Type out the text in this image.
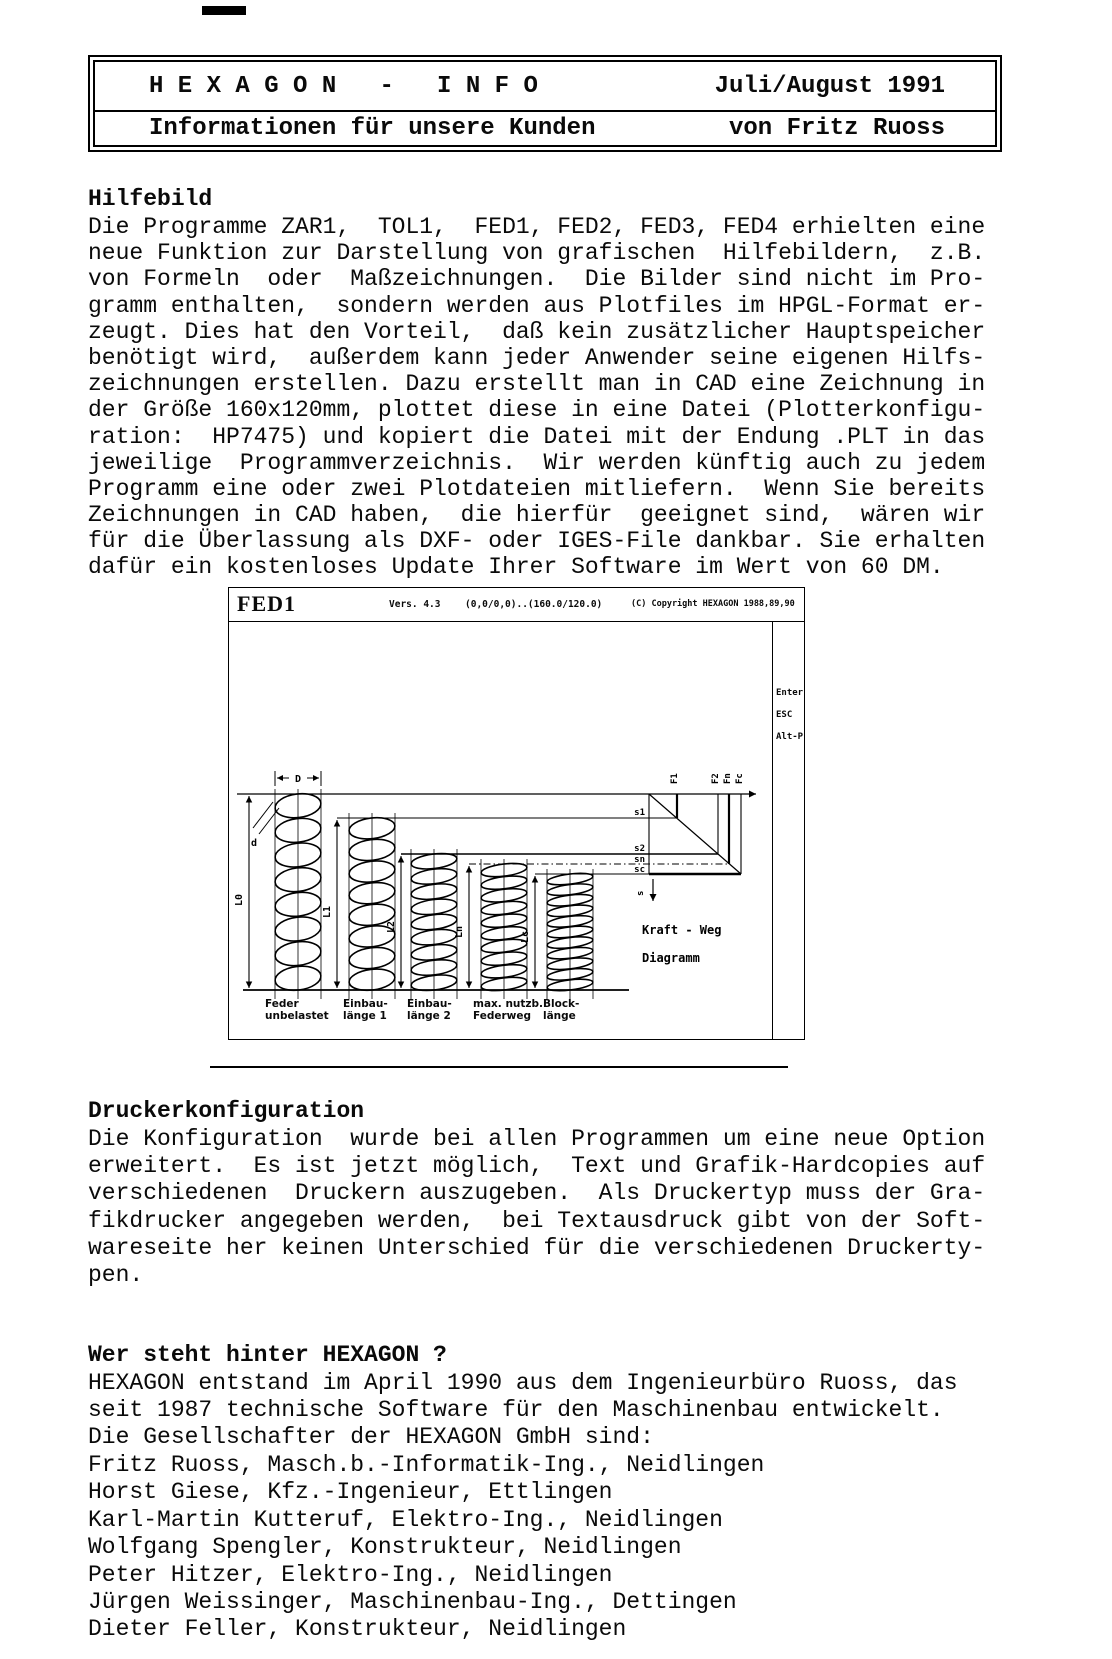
H E X A G O N   -   I N F O	Juli/August 1991
Informationen für unsere Kunden	von Fritz Ruoss
Hilfebild
Die Programme ZAR1,  TOL1,  FED1, FED2, FED3, FED4 erhielten eine
neue Funktion zur Darstellung von grafischen  Hilfebildern,  z.B.
von Formeln  oder  Maßzeichnungen.  Die Bilder sind nicht im Pro-
gramm enthalten,  sondern werden aus Plotfiles im HPGL-Format er-
zeugt. Dies hat den Vorteil,  daß kein zusätzlicher Hauptspeicher
benötigt wird,  außerdem kann jeder Anwender seine eigenen Hilfs-
zeichnungen erstellen. Dazu erstellt man in CAD eine Zeichnung in
der Größe 160x120mm, plottet diese in eine Datei (Plotterkonfigu-
ration:  HP7475) und kopiert die Datei mit der Endung .PLT in das
jeweilige  Programmverzeichnis.  Wir werden künftig auch zu jedem
Programm eine oder zwei Plotdateien mitliefern.  Wenn Sie bereits
Zeichnungen in CAD haben,  die hierfür  geeignet sind,  wären wir
für die Überlassung als DXF- oder IGES-File dankbar. Sie erhalten
dafür ein kostenloses Update Ihrer Software im Wert von 60 DM.
FED1	Vers. 4.3	(0,0/0,0)..(160.0/120.0)	(C) Copyright HEXAGON 1988,89,90
F1	F2 Fn Fc
s1
s2
sn
sc
s
Kraft - Weg
Diagramm
D
d
L0
L1
L2	Ln	Lc
Enter
ESC
Alt-P
Feder
unbelastet
Einbau-
länge 1
Einbau-
länge 2
max. nutzb.
Federweg
Block-
länge
Druckerkonfiguration
Die Konfiguration  wurde bei allen Programmen um eine neue Option
erweitert.  Es ist jetzt möglich,  Text und Grafik-Hardcopies auf
verschiedenen  Druckern auszugeben.  Als Druckertyp muss der Gra-
fikdrucker angegeben werden,  bei Textausdruck gibt von der Soft-
wareseite her keinen Unterschied für die verschiedenen Druckerty-
pen.
Wer steht hinter HEXAGON ?
HEXAGON entstand im April 1990 aus dem Ingenieurbüro Ruoss, das
seit 1987 technische Software für den Maschinenbau entwickelt.
Die Gesellschafter der HEXAGON GmbH sind:
Fritz Ruoss, Masch.b.-Informatik-Ing., Neidlingen
Horst Giese, Kfz.-Ingenieur, Ettlingen
Karl-Martin Kutteruf, Elektro-Ing., Neidlingen
Wolfgang Spengler, Konstrukteur, Neidlingen
Peter Hitzer, Elektro-Ing., Neidlingen
Jürgen Weissinger, Maschinenbau-Ing., Dettingen
Dieter Feller, Konstrukteur, Neidlingen
